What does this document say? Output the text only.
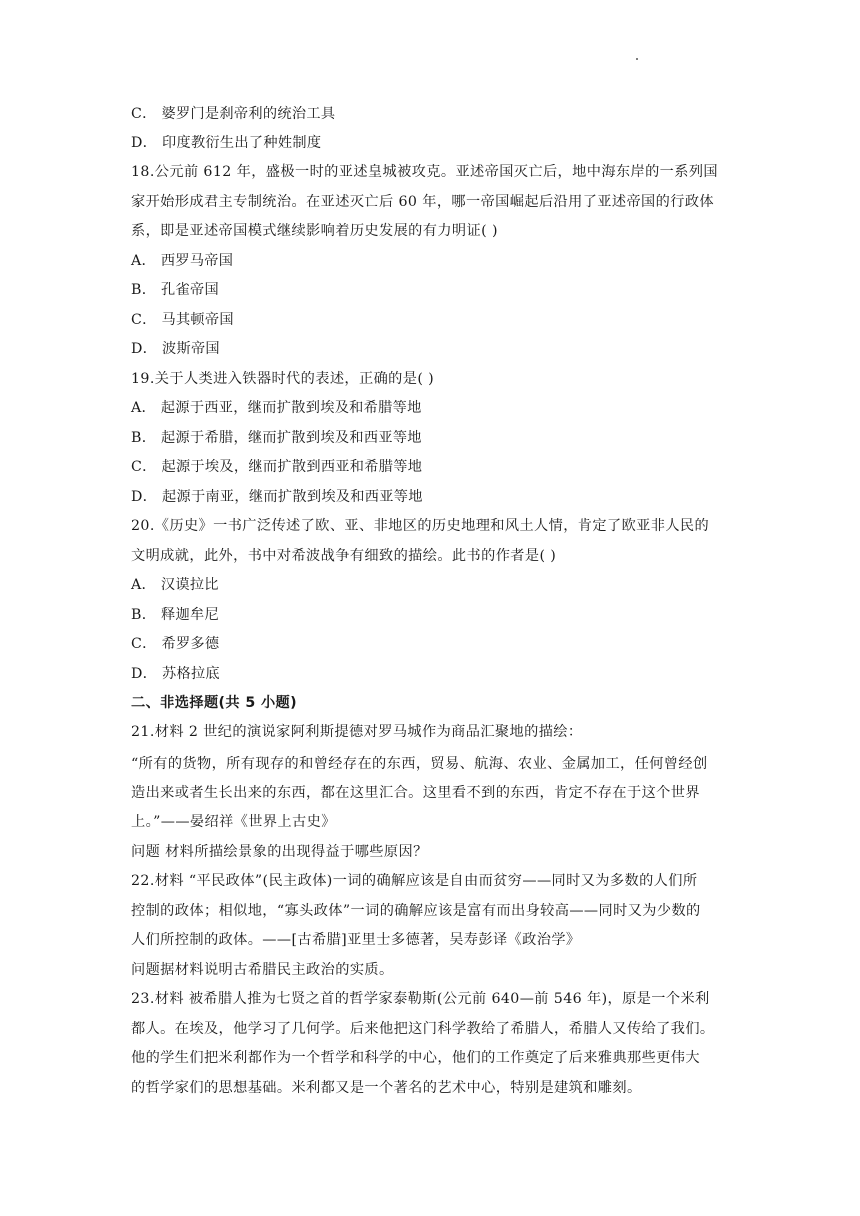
C． 婆罗门是刹帝利的统治工具
D． 印度教衍生出了种姓制度
18.公元前 612 年，盛极一时的亚述皇城被攻克。亚述帝国灭亡后，地中海东岸的一系列国
家开始形成君主专制统治。在亚述灭亡后 60 年，哪一帝国崛起后沿用了亚述帝国的行政体
系，即是亚述帝国模式继续影响着历史发展的有力明证( )
A． 西罗马帝国
B． 孔雀帝国
C． 马其顿帝国
D． 波斯帝国
19.关于人类进入铁器时代的表述，正确的是( )
A． 起源于西亚，继而扩散到埃及和希腊等地
B． 起源于希腊，继而扩散到埃及和西亚等地
C． 起源于埃及，继而扩散到西亚和希腊等地
D． 起源于南亚，继而扩散到埃及和西亚等地
20.《历史》一书广泛传述了欧、亚、非地区的历史地理和风土人情，肯定了欧亚非人民的
文明成就，此外，书中对希波战争有细致的描绘。此书的作者是( )
A． 汉谟拉比
B． 释迦牟尼
C． 希罗多德
D． 苏格拉底
二、非选择题(共 5 小题)
21.材料 2 世纪的演说家阿利斯提德对罗马城作为商品汇聚地的描绘：
“所有的货物，所有现存的和曾经存在的东西，贸易、航海、农业、金属加工，任何曾经创
造出来或者生长出来的东西，都在这里汇合。这里看不到的东西，肯定不存在于这个世界
上。”——晏绍祥《世界上古史》
问题 材料所描绘景象的出现得益于哪些原因？
22.材料 “平民政体”(民主政体)一词的确解应该是自由而贫穷——同时又为多数的人们所
控制的政体；相似地，“寡头政体”一词的确解应该是富有而出身较高——同时又为少数的
人们所控制的政体。——[古希腊]亚里士多德著，吴寿彭译《政治学》
问题据材料说明古希腊民主政治的实质。
23.材料 被希腊人推为七贤之首的哲学家泰勒斯(公元前 640—前 546 年)，原是一个米利
都人。在埃及，他学习了几何学。后来他把这门科学教给了希腊人，希腊人又传给了我们。
他的学生们把米利都作为一个哲学和科学的中心，他们的工作奠定了后来雅典那些更伟大
的哲学家们的思想基础。米利都又是一个著名的艺术中心，特别是建筑和雕刻。
